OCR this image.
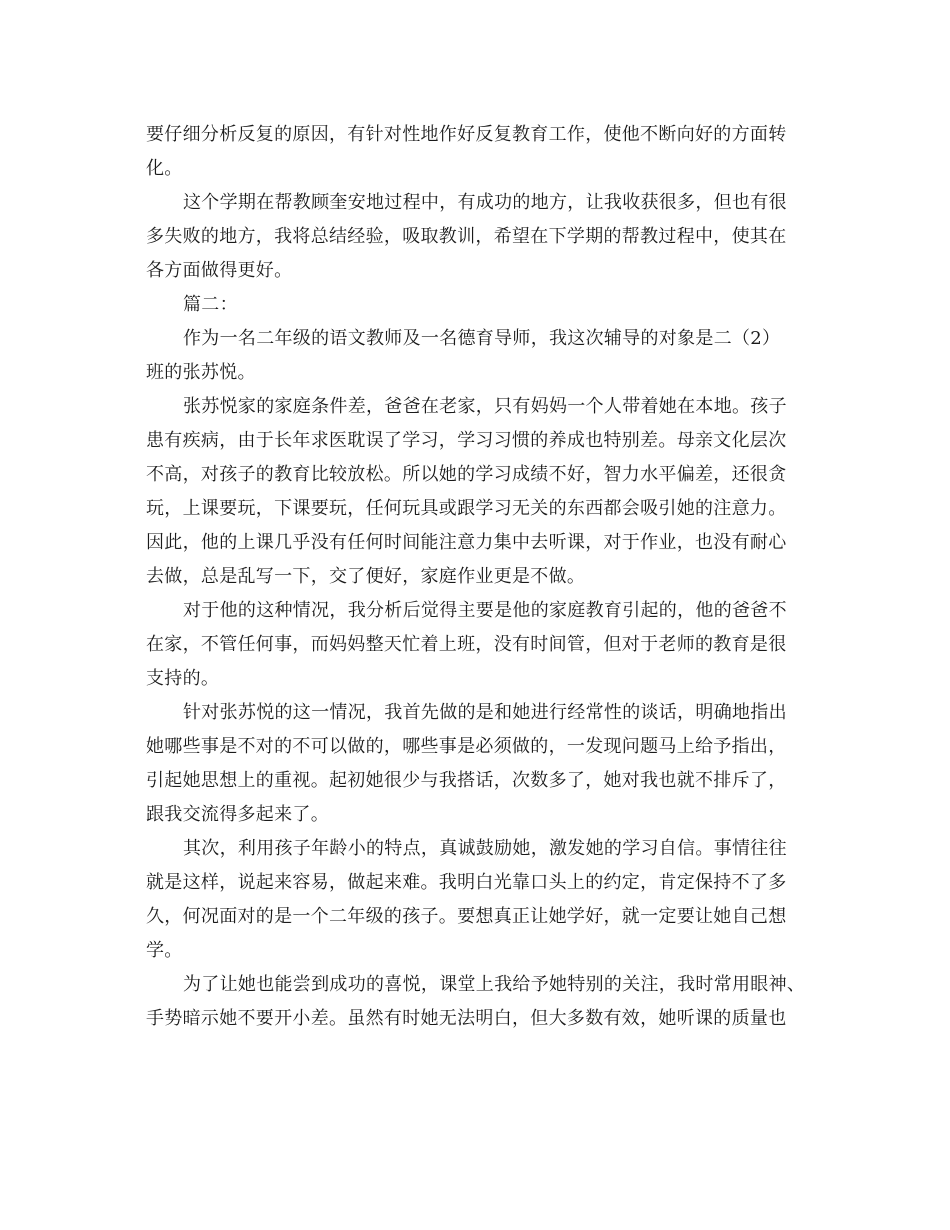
要仔细分析反复的原因，有针对性地作好反复教育工作，使他不断向好的方面转
化。
这个学期在帮教顾奎安地过程中，有成功的地方，让我收获很多，但也有很
多失败的地方，我将总结经验，吸取教训，希望在下学期的帮教过程中，使其在
各方面做得更好。
篇二：
作为一名二年级的语文教师及一名德育导师，我这次辅导的对象是二（2）
班的张苏悦。
张苏悦家的家庭条件差，爸爸在老家，只有妈妈一个人带着她在本地。孩子
患有疾病，由于长年求医耽误了学习，学习习惯的养成也特别差。母亲文化层次
不高，对孩子的教育比较放松。所以她的学习成绩不好，智力水平偏差，还很贪
玩，上课要玩，下课要玩，任何玩具或跟学习无关的东西都会吸引她的注意力。
因此，他的上课几乎没有任何时间能注意力集中去听课，对于作业，也没有耐心
去做，总是乱写一下，交了便好，家庭作业更是不做。
对于他的这种情况，我分析后觉得主要是他的家庭教育引起的，他的爸爸不
在家，不管任何事，而妈妈整天忙着上班，没有时间管，但对于老师的教育是很
支持的。
针对张苏悦的这一情况，我首先做的是和她进行经常性的谈话，明确地指出
她哪些事是不对的不可以做的，哪些事是必须做的，一发现问题马上给予指出，
引起她思想上的重视。起初她很少与我搭话，次数多了，她对我也就不排斥了，
跟我交流得多起来了。
其次，利用孩子年龄小的特点，真诚鼓励她，激发她的学习自信。事情往往
就是这样，说起来容易，做起来难。我明白光靠口头上的约定，肯定保持不了多
久，何况面对的是一个二年级的孩子。要想真正让她学好，就一定要让她自己想
学。
为了让她也能尝到成功的喜悦，课堂上我给予她特别的关注，我时常用眼神、
手势暗示她不要开小差。虽然有时她无法明白，但大多数有效，她听课的质量也
